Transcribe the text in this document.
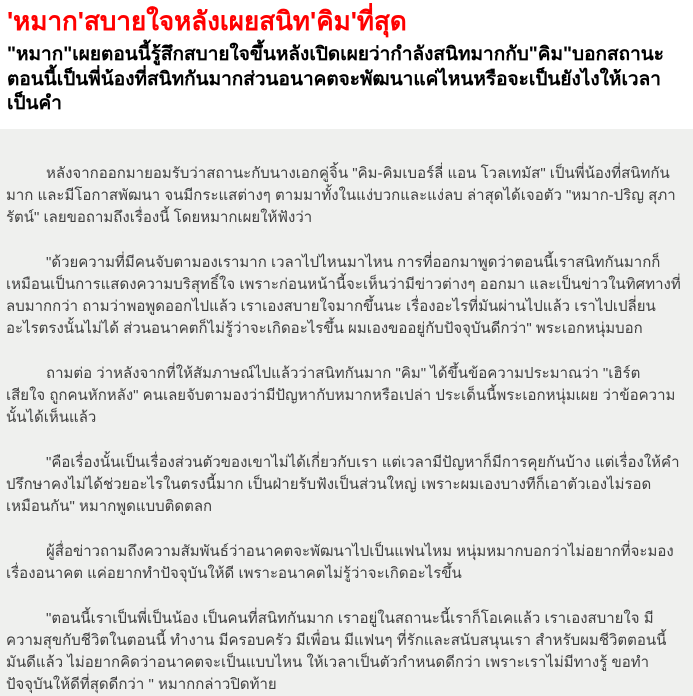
'หมาก'สบายใจหลังเผยสนิท'คิม'ที่สุด

"หมาก"เผยตอนนี้รู้สึกสบายใจขึ้นหลังเปิดเผยว่ากำลังสนิทมากกับ"คิม"บอกสถานะตอนนี้เป็นพี่น้องที่สนิทกันมากส่วนอนาคตจะพัฒนาแค่ไหนหรือจะเป็นยังไงให้เวลาเป็นคำ

หลังจากออกมายอมรับว่าสถานะกับนางเอกคู่จิ้น "คิม-คิมเบอร์ลี่ แอน โวลเทมัส" เป็นพี่น้องที่สนิทกันมาก และมีโอกาสพัฒนา จนมีกระแสต่างๆ ตามมาทั้งในแง่บวกและแง่ลบ ล่าสุดได้เจอตัว "หมาก-ปริญ สุภารัตน์" เลยขอถามถึงเรื่องนี้ โดยหมากเผยให้ฟังว่า

"ด้วยความที่มีคนจับตามองเรามาก เวลาไปไหนมาไหน การที่ออกมาพูดว่าตอนนี้เราสนิทกันมากก็เหมือนเป็นการแสดงความบริสุทธิ์ใจ เพราะก่อนหน้านี้จะเห็นว่ามีข่าวต่างๆ ออกมา และเป็นข่าวในทิศทางที่ลบมากกว่า ถามว่าพอพูดออกไปแล้ว เราเองสบายใจมากขึ้นนะ เรื่องอะไรที่มันผ่านไปแล้ว เราไปเปลี่ยนอะไรตรงนั้นไม่ได้ ส่วนอนาคตก็ไม่รู้ว่าจะเกิดอะไรขึ้น ผมเองขออยู่กับปัจจุบันดีกว่า" พระเอกหนุ่มบอก

ถามต่อ ว่าหลังจากที่ให้สัมภาษณ์ไปแล้วว่าสนิทกันมาก "คิม" ได้ขึ้นข้อความประมาณว่า "เฮิร์ต เสียใจ ถูกคนหักหลัง" คนเลยจับตามองว่ามีปัญหากับหมากหรือเปล่า ประเด็นนี้พระเอกหนุ่มเผย ว่าข้อความนั้นได้เห็นแล้ว

"คือเรื่องนั้นเป็นเรื่องส่วนตัวของเขาไม่ได้เกี่ยวกับเรา แต่เวลามีปัญหาก็มีการคุยกันบ้าง แต่เรื่องให้คำปรึกษาคงไม่ได้ช่วยอะไรในตรงนี้มาก เป็นฝ่ายรับฟังเป็นส่วนใหญ่ เพราะผมเองบางทีก็เอาตัวเองไม่รอดเหมือนกัน" หมากพูดแบบติดตลก

ผู้สื่อข่าวถามถึงความสัมพันธ์ว่าอนาคตจะพัฒนาไปเป็นแฟนไหม หนุ่มหมากบอกว่าไม่อยากที่จะมองเรื่องอนาคต แค่อยากทำปัจจุบันให้ดี เพราะอนาคตไม่รู้ว่าจะเกิดอะไรขึ้น

"ตอนนี้เราเป็นพี่เป็นน้อง เป็นคนที่สนิทกันมาก เราอยู่ในสถานะนี้เราก็โอเคแล้ว เราเองสบายใจ มีความสุขกับชีวิตในตอนนี้ ทำงาน มีครอบครัว มีเพื่อน มีแฟนๆ ที่รักและสนับสนุนเรา สำหรับผมชีวิตตอนนี้มันดีแล้ว ไม่อยากคิดว่าอนาคตจะเป็นแบบไหน ให้เวลาเป็นตัวกำหนดดีกว่า เพราะเราไม่มีทางรู้ ขอทำปัจจุบันให้ดีที่สุดดีกว่า " หมากกล่าวปิดท้าย
